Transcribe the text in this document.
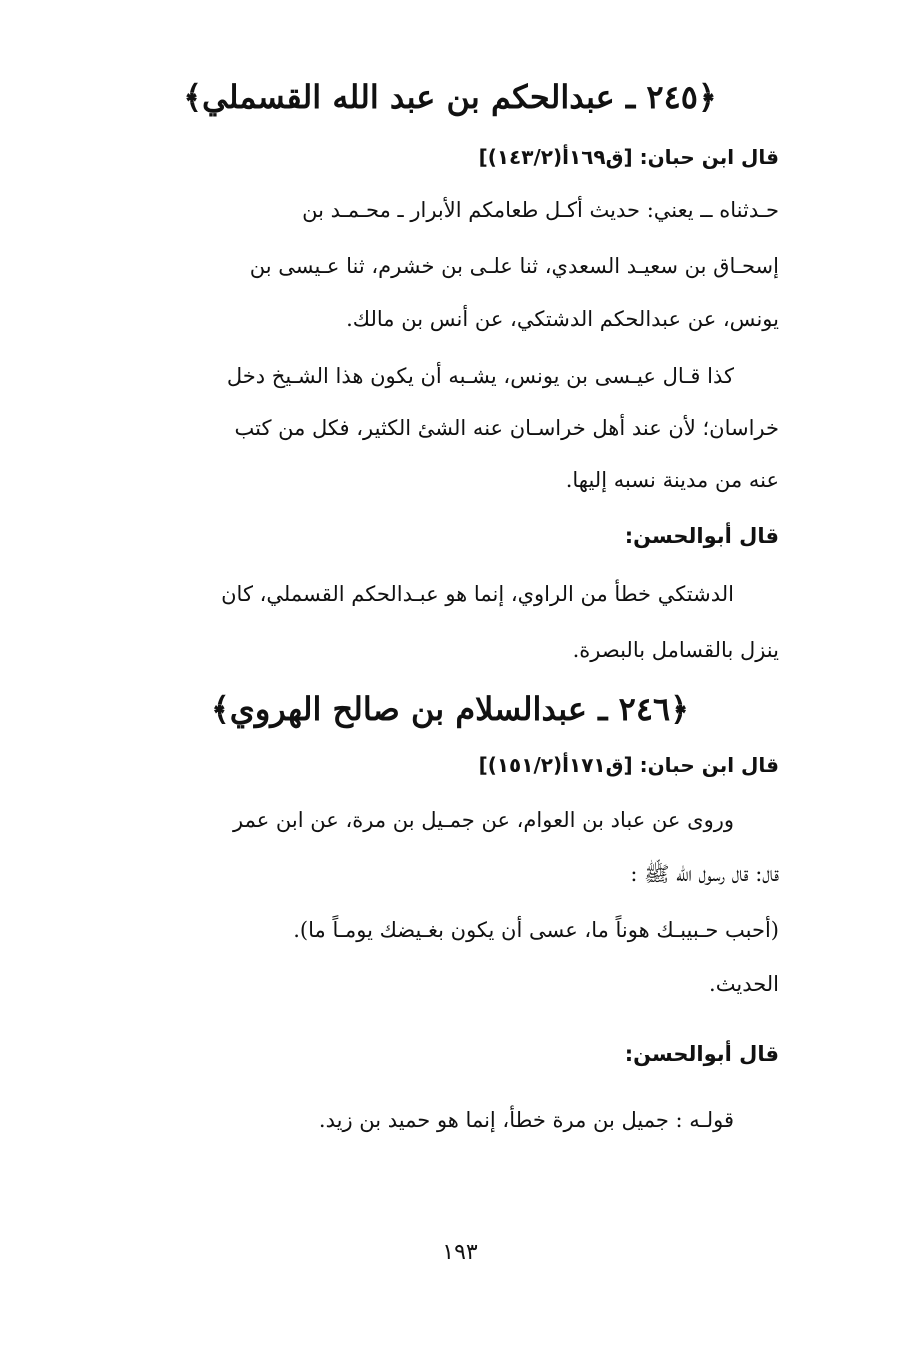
﴿٢٤٥ ـ عبدالحكم بن عبد الله القسملي﴾
قال ابن حبان: [ق١٦٩أ(١٤٣/٢)]
حـدثناه ــ يعني: حديث أكـل طعامكم الأبرار ـ محـمـد بن
إسحـاق بن سعيـد السعدي، ثنا علـى بن خشرم، ثنا عـيسى بن
يونس، عن عبدالحكم الدشتكي، عن أنس بن مالك.
كذا قـال عيـسى بن يونس، يشـبه أن يكون هذا الشـيخ دخل
خراسان؛ لأن عند أهل خراسـان عنه الشئ الكثير، فكل من كتب
عنه من مدينة نسبه إليها.
قال أبوالحسن:
الدشتكي خطأ من الراوي، إنما هو عبـدالحكم القسملي، كان
ينزل بالقسامل بالبصرة.
﴿٢٤٦ ـ عبدالسلام بن صالح الهروي﴾
قال ابن حبان: [ق١٧١أ(١٥١/٢)]
وروى عن عباد بن العوام، عن جمـيل بن مرة، عن ابن عمر
قال: قال رسول الله ﷺ :
(أحبب حـبيبـك هوناً ما، عسى أن يكون بغـيضك يومـاً ما).
الحديث.
قال أبوالحسن:
قولـه : جميل بن مرة خطأ، إنما هو حميد بن زيد.
١٩٣
